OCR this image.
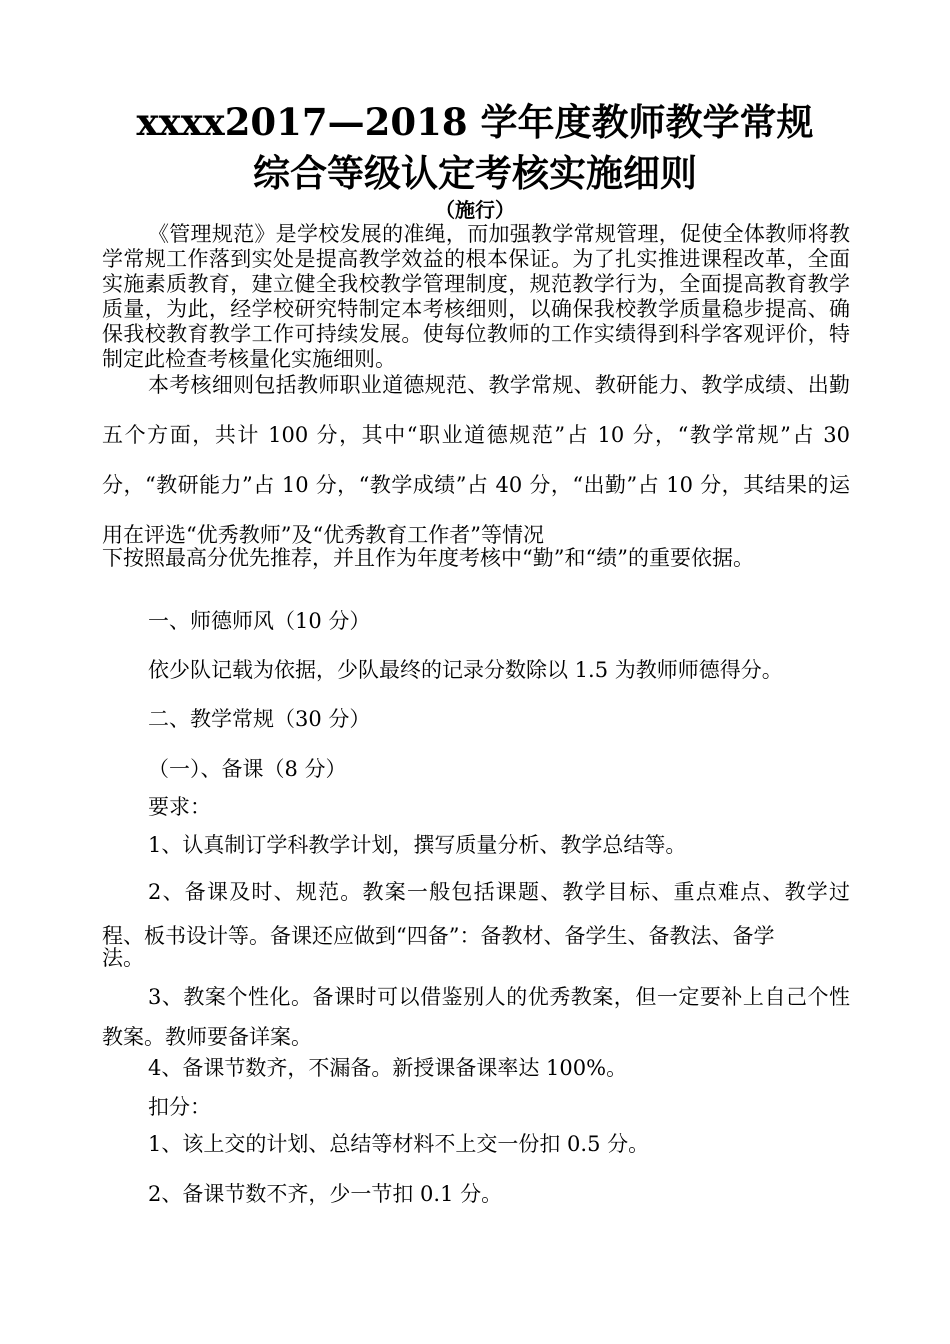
xxxx2017—2018 学年度教师教学常规
综合等级认定考核实施细则
（施行）
《管理规范》是学校发展的准绳，而加强教学常规管理，促使全体教师将教学常规工作落到实处是提高教学效益的根本保证。为了扎实推进课程改革，全面实施素质教育，建立健全我校教学管理制度，规范教学行为，全面提高教育教学质量，为此，经学校研究特制定本考核细则，以确保我校教学质量稳步提高、确保我校教育教学工作可持续发展。使每位教师的工作实绩得到科学客观评价，特制定此检查考核量化实施细则。
本考核细则包括教师职业道德规范、教学常规、教研能力、教学成绩、出勤五个方面，共计 100 分，其中“职业道德规范”占 10 分，“教学常规”占 30 分，“教研能力”占 10 分，“教学成绩”占 40 分，“出勤”占 10 分，其结果的运用在评选“优秀教师”及“优秀教育工作者”等情况
下按照最高分优先推荐，并且作为年度考核中“勤”和“绩”的重要依据。
一、师德师风（10 分）
依少队记载为依据，少队最终的记录分数除以 1.5 为教师师德得分。
二、教学常规（30 分）
（一）、备课（8 分）
要求：
1、认真制订学科教学计划，撰写质量分析、教学总结等。
2、备课及时、规范。教案一般包括课题、教学目标、重点难点、教学过程、板书设计等。备课还应做到“四备”：备教材、备学生、备教法、备学
法。
3、教案个性化。备课时可以借鉴别人的优秀教案，但一定要补上自己个性教案。教师要备详案。
4、备课节数齐，不漏备。新授课备课率达 100%。
扣分：
1、该上交的计划、总结等材料不上交一份扣 0.5 分。
2、备课节数不齐，少一节扣 0.1 分。
